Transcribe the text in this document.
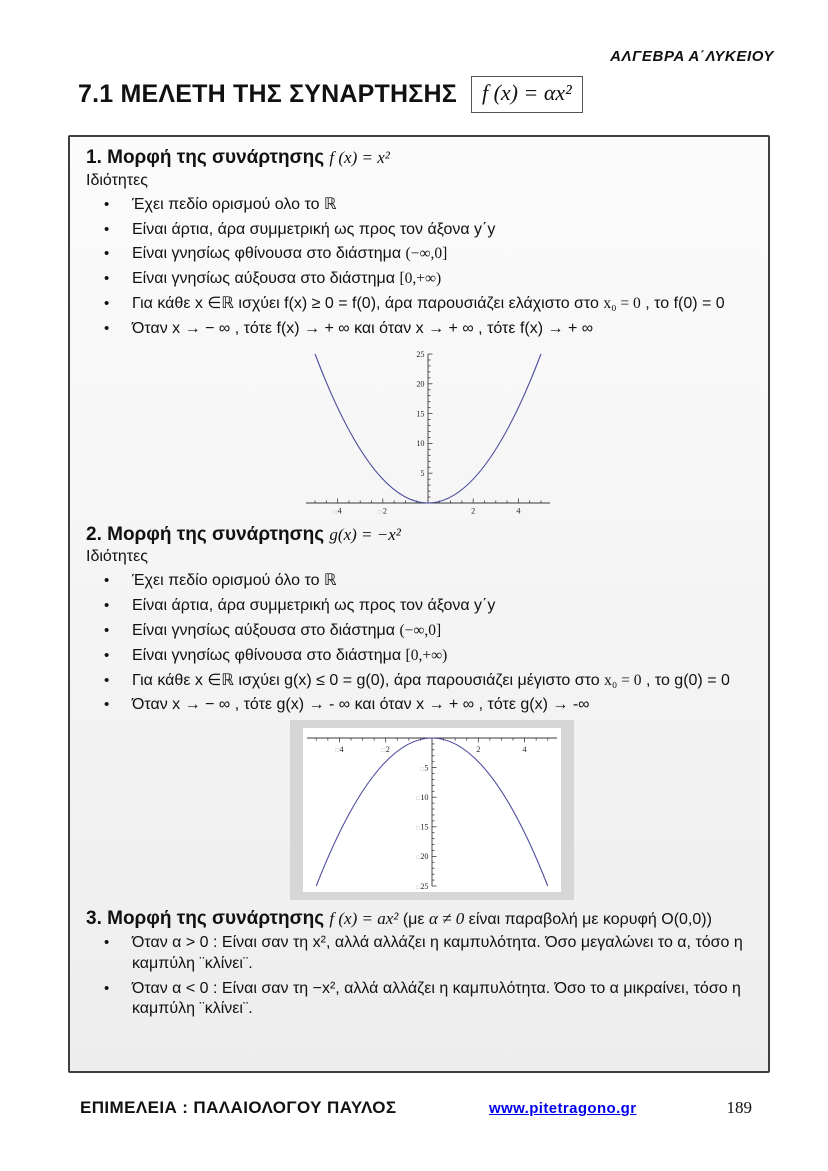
ΑΛΓΕΒΡΑ Α΄ΛΥΚΕΙΟΥ
7.1 ΜΕΛΕΤΗ ΤΗΣ ΣΥΝΑΡΤΗΣΗΣ	f (x) = αx²
1. Μορφή της συνάρτησης f (x) = x²
Ιδιότητες
•	Έχει πεδίο ορισμού ολο το ℝ
•	Είναι άρτια, άρα συμμετρική ως προς τον άξονα y΄y
•	Είναι γνησίως φθίνουσα στο διάστημα (−∞,0]
•	Είναι γνησίως αύξουσα στο διάστημα [0,+∞)
•	Για κάθε x ∈ℝ ισχύει f(x) ≥ 0 = f(0), άρα παρουσιάζει ελάχιστο στο x₀ = 0 , το f(0) = 0
•	Όταν x → − ∞ , τότε f(x) → + ∞ και όταν x → + ∞ , τότε f(x) → + ∞
□4	□2	2	4
5
10
15
20
25
2. Μορφή της συνάρτησης g(x) = −x²
Ιδιότητες
•	Έχει πεδίο ορισμού όλο το ℝ
•	Είναι άρτια, άρα συμμετρική ως προς τον άξονα y΄y
•	Είναι γνησίως αύξουσα στο διάστημα (−∞,0]
•	Είναι γνησίως φθίνουσα στο διάστημα [0,+∞)
•	Για κάθε x ∈ℝ ισχύει g(x) ≤ 0 = g(0), άρα παρουσιάζει μέγιστο στο x₀ = 0 , το g(0) = 0
•	Όταν x → − ∞ , τότε g(x) → - ∞ και όταν x → + ∞ , τότε g(x) → -∞
□4	□2	2	4
□5
□10
□15
□20
□25
3. Μορφή της συνάρτησης f (x) = ax² (με α ≠ 0 είναι παραβολή με κορυφή O(0,0))
•	Όταν α > 0 : Είναι σαν τη x², αλλά αλλάζει η καμπυλότητα. Όσο μεγαλώνει το α, τόσο η καμπύλη ¨κλίνει¨.
•	Όταν α < 0 : Είναι σαν τη −x², αλλά αλλάζει η καμπυλότητα. Όσο το α μικραίνει, τόσο η καμπύλη ¨κλίνει¨.
ΕΠΙΜΕΛΕΙΑ : ΠΑΛΑΙΟΛΟΓΟΥ ΠΑΥΛΟΣ	www.pitetragono.gr	189
